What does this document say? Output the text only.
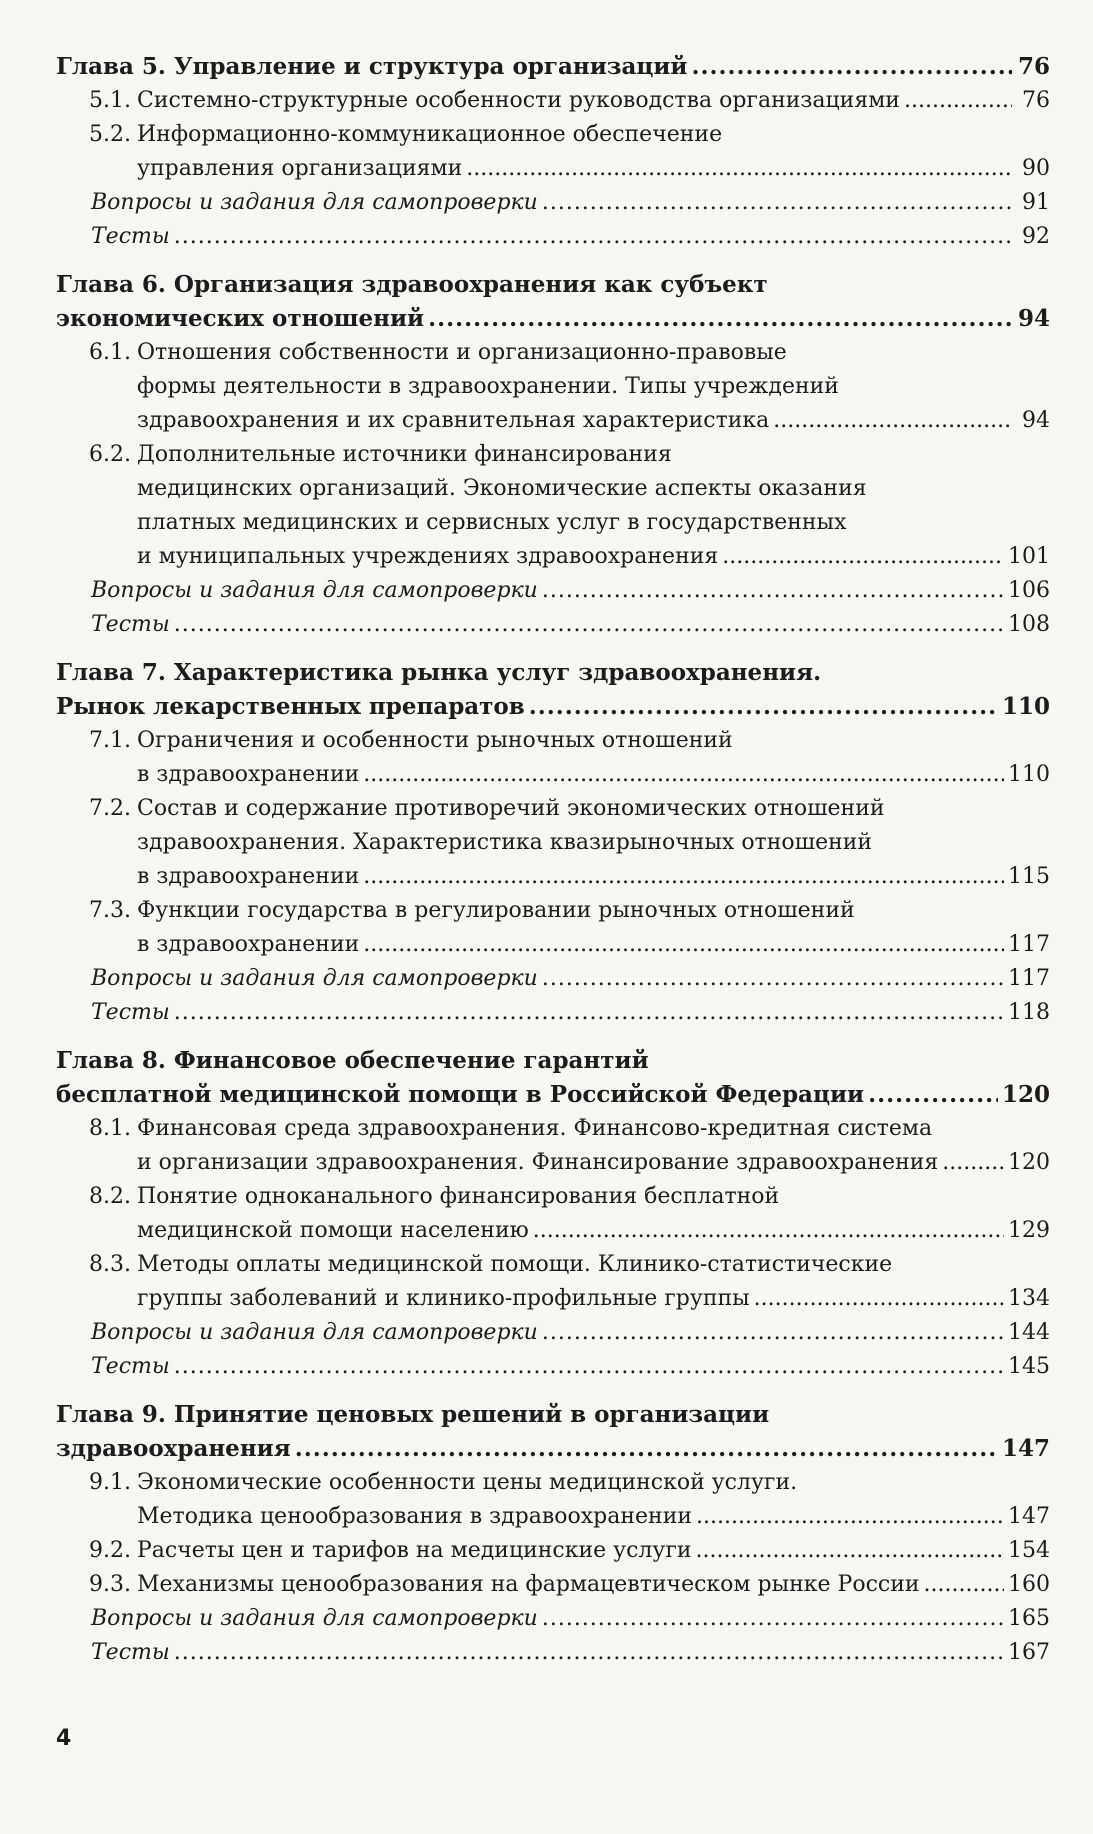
Глава 5. Управление и структура организаций .....	76
5.1. Системно-структурные особенности руководства организациями .....	76
5.2. Информационно-коммуникационное обеспечение
управления организациями .....	90
Вопросы и задания для самопроверки .....	91
Тесты .....	92
Глава 6. Организация здравоохранения как субъект
экономических отношений .....	94
6.1. Отношения собственности и организационно-правовые
формы деятельности в здравоохранении. Типы учреждений
здравоохранения и их сравнительная характеристика .....	94
6.2. Дополнительные источники финансирования
медицинских организаций. Экономические аспекты оказания
платных медицинских и сервисных услуг в государственных
и муниципальных учреждениях здравоохранения .....	101
Вопросы и задания для самопроверки .....	106
Тесты .....	108
Глава 7. Характеристика рынка услуг здравоохранения.
Рынок лекарственных препаратов .....	110
7.1. Ограничения и особенности рыночных отношений
в здравоохранении .....	110
7.2. Состав и содержание противоречий экономических отношений
здравоохранения. Характеристика квазирыночных отношений
в здравоохранении .....	115
7.3. Функции государства в регулировании рыночных отношений
в здравоохранении .....	117
Вопросы и задания для самопроверки .....	117
Тесты .....	118
Глава 8. Финансовое обеспечение гарантий
бесплатной медицинской помощи в Российской Федерации .....	120
8.1. Финансовая среда здравоохранения. Финансово-кредитная система
и организации здравоохранения. Финансирование здравоохранения .....	120
8.2. Понятие одноканального финансирования бесплатной
медицинской помощи населению .....	129
8.3. Методы оплаты медицинской помощи. Клинико-статистические
группы заболеваний и клинико-профильные группы .....	134
Вопросы и задания для самопроверки .....	144
Тесты .....	145
Глава 9. Принятие ценовых решений в организации
здравоохранения .....	147
9.1. Экономические особенности цены медицинской услуги.
Методика ценообразования в здравоохранении .....	147
9.2. Расчеты цен и тарифов на медицинские услуги .....	154
9.3. Механизмы ценообразования на фармацевтическом рынке России .....	160
Вопросы и задания для самопроверки .....	165
Тесты .....	167
4
